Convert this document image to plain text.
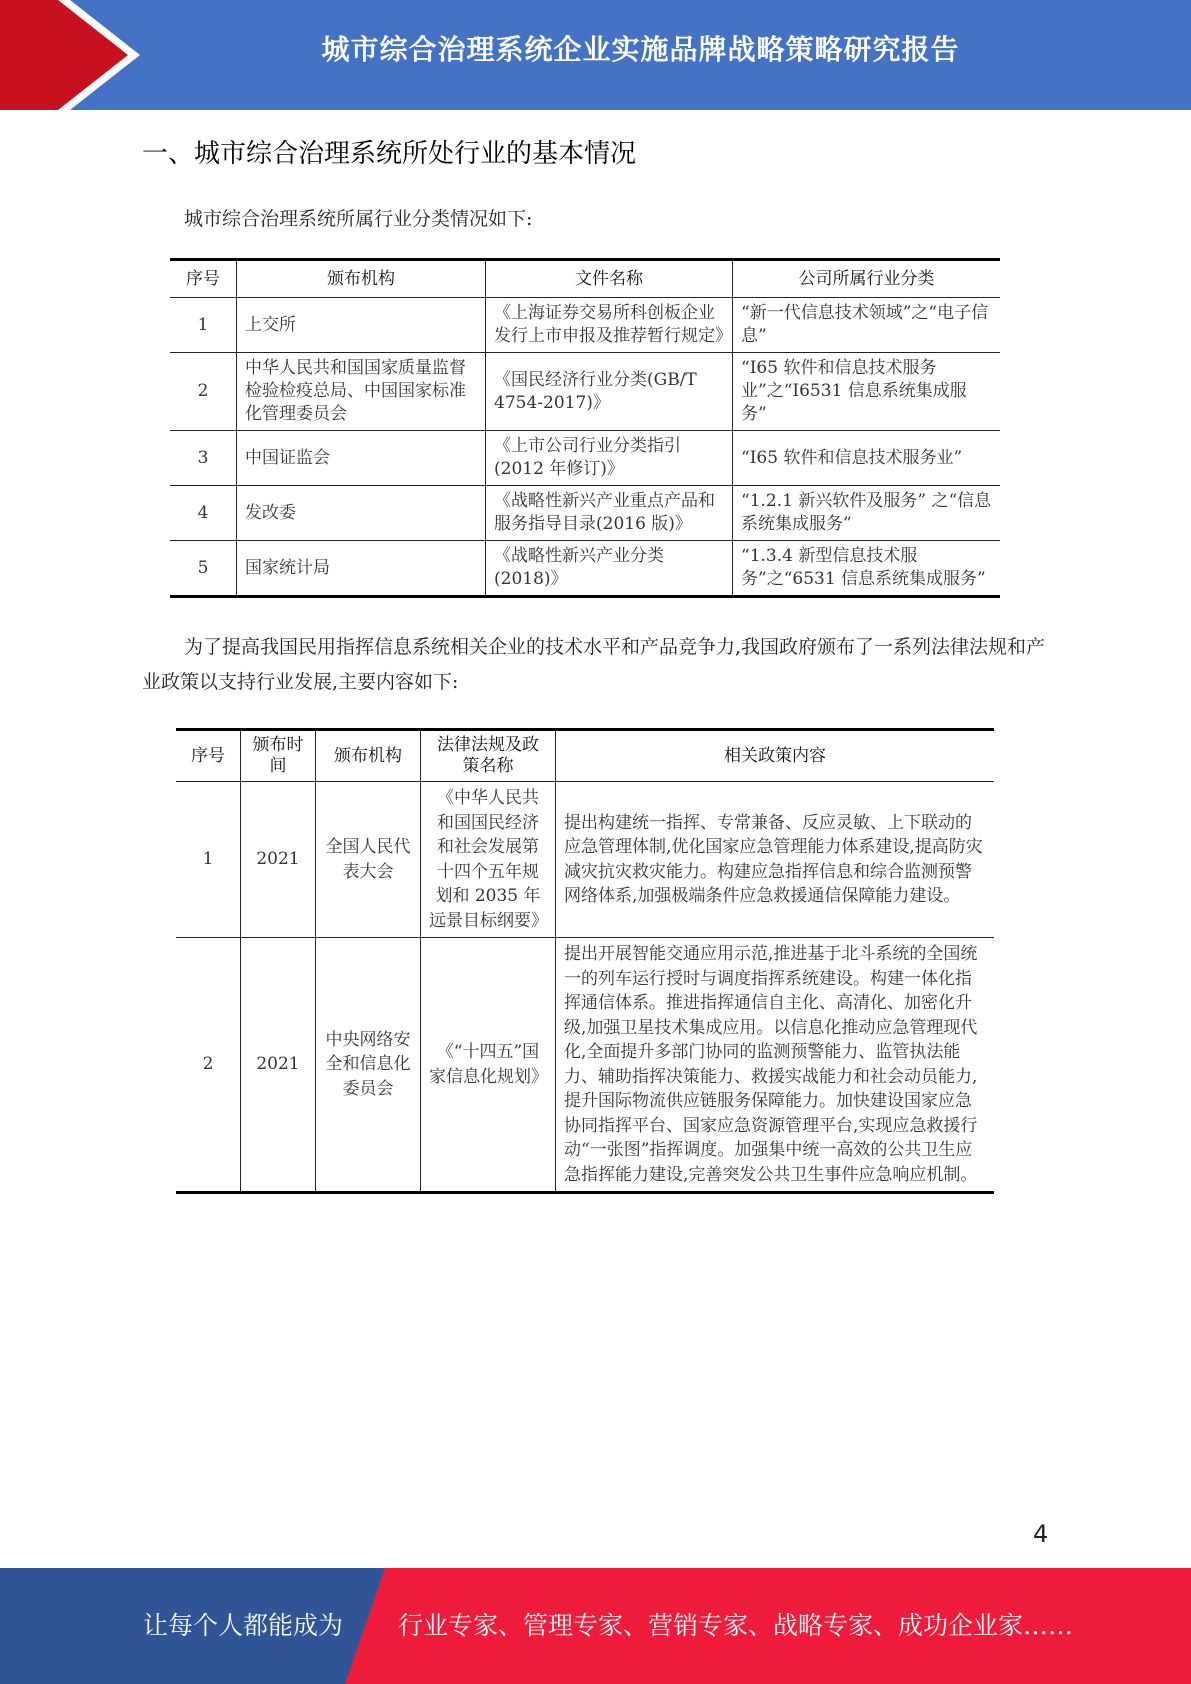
城市综合治理系统企业实施品牌战略策略研究报告
一、城市综合治理系统所处行业的基本情况
城市综合治理系统所属行业分类情况如下:
序号	颁布机构	文件名称	公司所属行业分类
1	上交所	《上海证券交易所科创板企业发行上市申报及推荐暂行规定》	“新一代信息技术领域”之“电子信息”
2	中华人民共和国国家质量监督检验检疫总局、中国国家标准化管理委员会	《国民经济行业分类(GB/T 4754-2017)》	“I65 软件和信息技术服务业”之“I6531 信息系统集成服务”
3	中国证监会	《上市公司行业分类指引(2012 年修订)》	“I65 软件和信息技术服务业”
4	发改委	《战略性新兴产业重点产品和服务指导目录(2016 版)》	“1.2.1 新兴软件及服务” 之“信息系统集成服务”
5	国家统计局	《战略性新兴产业分类(2018)》	“1.3.4 新型信息技术服务”之“6531 信息系统集成服务”
为了提高我国民用指挥信息系统相关企业的技术水平和产品竞争力,我国政府颁布了一系列法律法规和产业政策以支持行业发展,主要内容如下:
序号	颁布时间	颁布机构	法律法规及政策名称	相关政策内容
1	2021	全国人民代表大会	《中华人民共和国国民经济和社会发展第十四个五年规划和 2035 年远景目标纲要》	提出构建统一指挥、专常兼备、反应灵敏、上下联动的应急管理体制,优化国家应急管理能力体系建设,提高防灾减灾抗灾救灾能力。构建应急指挥信息和综合监测预警网络体系,加强极端条件应急救援通信保障能力建设。
2	2021	中央网络安全和信息化委员会	《“十四五”国家信息化规划》	提出开展智能交通应用示范,推进基于北斗系统的全国统一的列车运行授时与调度指挥系统建设。构建一体化指挥通信体系。推进指挥通信自主化、高清化、加密化升级,加强卫星技术集成应用。以信息化推动应急管理现代化,全面提升多部门协同的监测预警能力、监管执法能力、辅助指挥决策能力、救援实战能力和社会动员能力,提升国际物流供应链服务保障能力。加快建设国家应急协同指挥平台、国家应急资源管理平台,实现应急救援行动“一张图”指挥调度。加强集中统一高效的公共卫生应急指挥能力建设,完善突发公共卫生事件应急响应机制。
4
让每个人都能成为 行业专家、管理专家、营销专家、战略专家、成功企业家……
